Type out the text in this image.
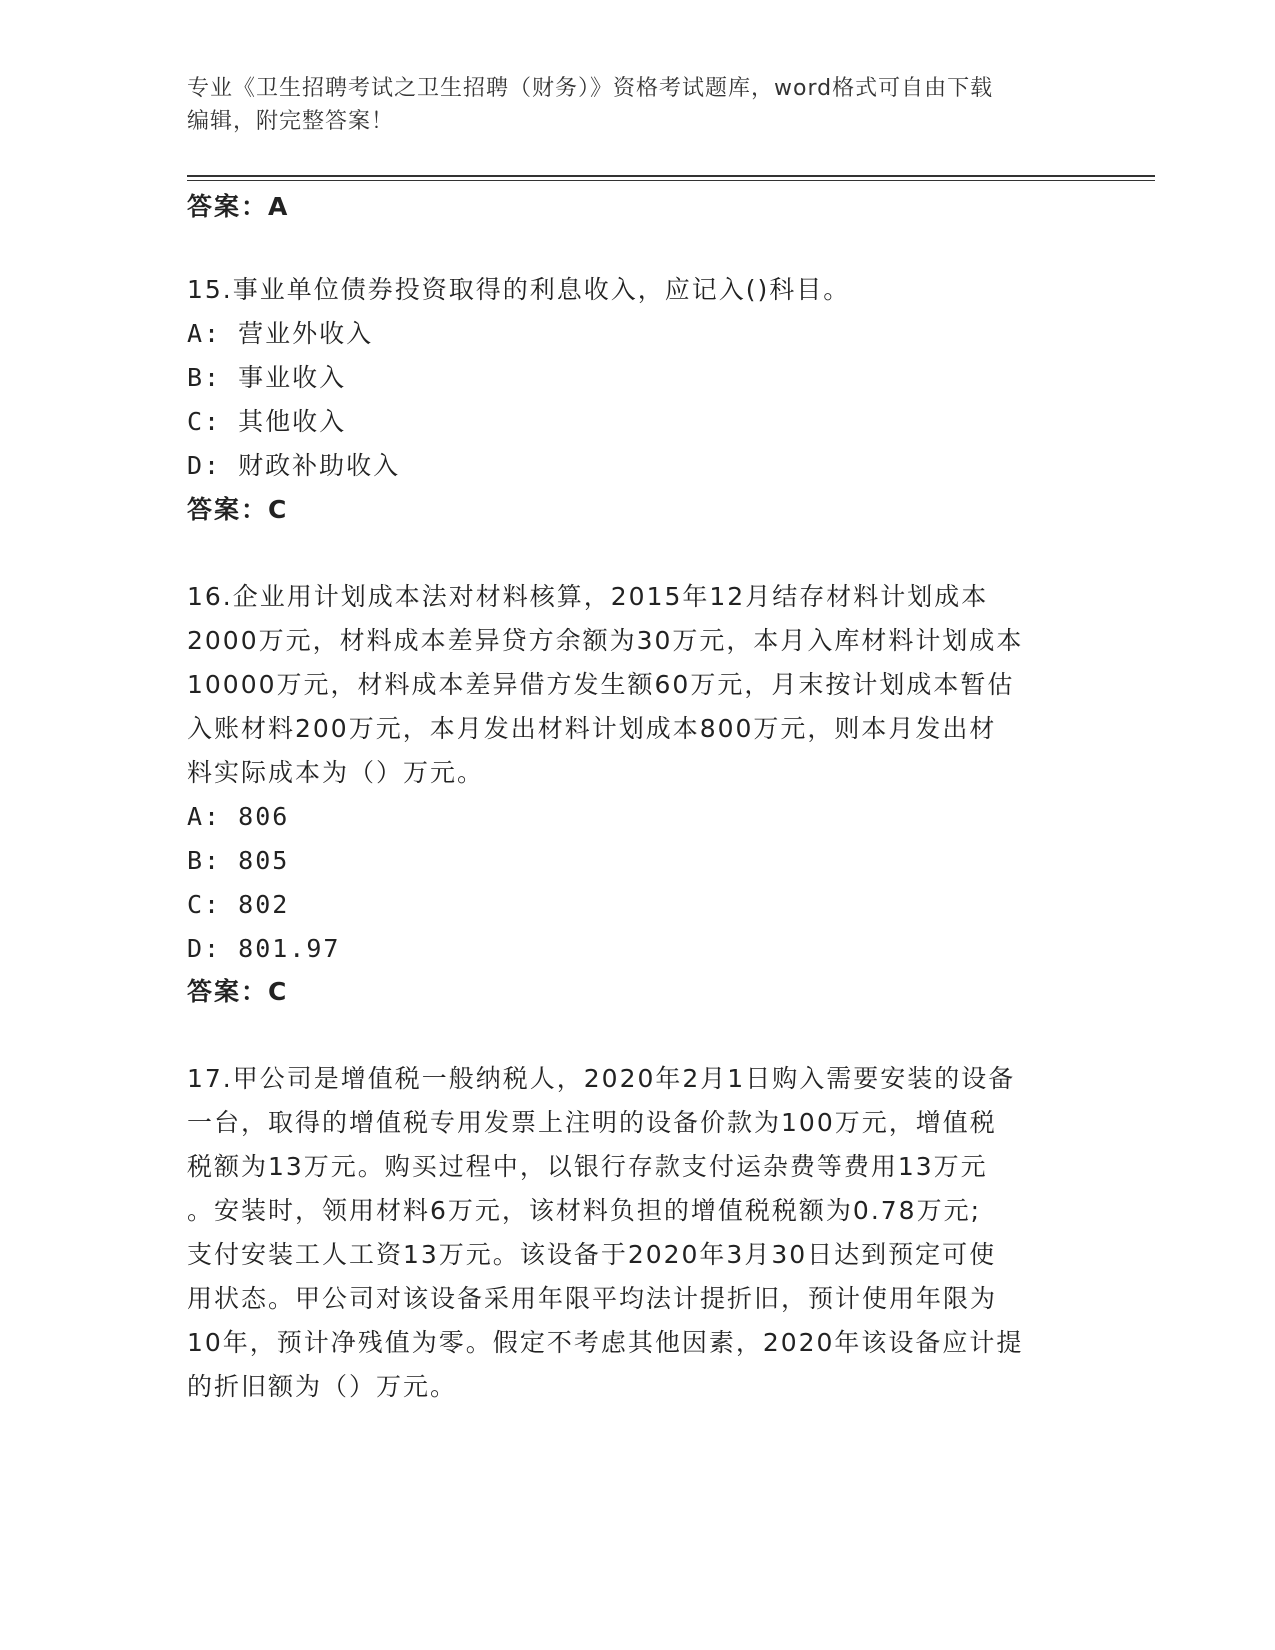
专业《卫生招聘考试之卫生招聘（财务）》资格考试题库，word格式可自由下载
编辑，附完整答案！
答案：A
15.事业单位债券投资取得的利息收入，应记入()科目。
A: 营业外收入
B: 事业收入
C: 其他收入
D: 财政补助收入
答案：C
16.企业用计划成本法对材料核算，2015年12月结存材料计划成本
2000万元，材料成本差异贷方余额为30万元，本月入库材料计划成本
10000万元，材料成本差异借方发生额60万元，月末按计划成本暂估
入账材料200万元，本月发出材料计划成本800万元，则本月发出材
料实际成本为（）万元。
A: 806
B: 805
C: 802
D: 801.97
答案：C
17.甲公司是增值税一般纳税人，2020年2月1日购入需要安装的设备
一台，取得的增值税专用发票上注明的设备价款为100万元，增值税
税额为13万元。购买过程中，以银行存款支付运杂费等费用13万元
。安装时，领用材料6万元，该材料负担的增值税税额为0.78万元;
支付安装工人工资13万元。该设备于2020年3月30日达到预定可使
用状态。甲公司对该设备采用年限平均法计提折旧，预计使用年限为
10年，预计净残值为零。假定不考虑其他因素，2020年该设备应计提
的折旧额为（）万元。
